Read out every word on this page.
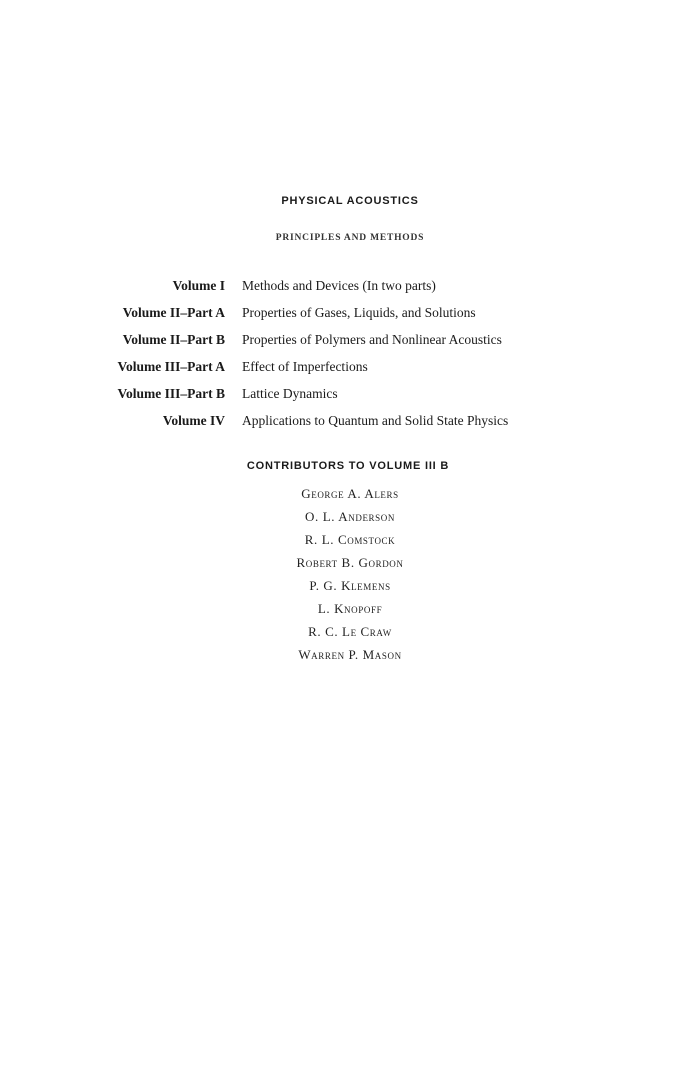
PHYSICAL ACOUSTICS
PRINCIPLES AND METHODS
Volume I Methods and Devices (In two parts)
Volume II–Part A Properties of Gases, Liquids, and Solutions
Volume II–Part B Properties of Polymers and Nonlinear Acoustics
Volume III–Part A Effect of Imperfections
Volume III–Part B Lattice Dynamics
Volume IV Applications to Quantum and Solid State Physics
CONTRIBUTORS TO VOLUME III B
George A. Alers
O. L. Anderson
R. L. Comstock
Robert B. Gordon
P. G. Klemens
L. Knopoff
R. C. Le Craw
Warren P. Mason
